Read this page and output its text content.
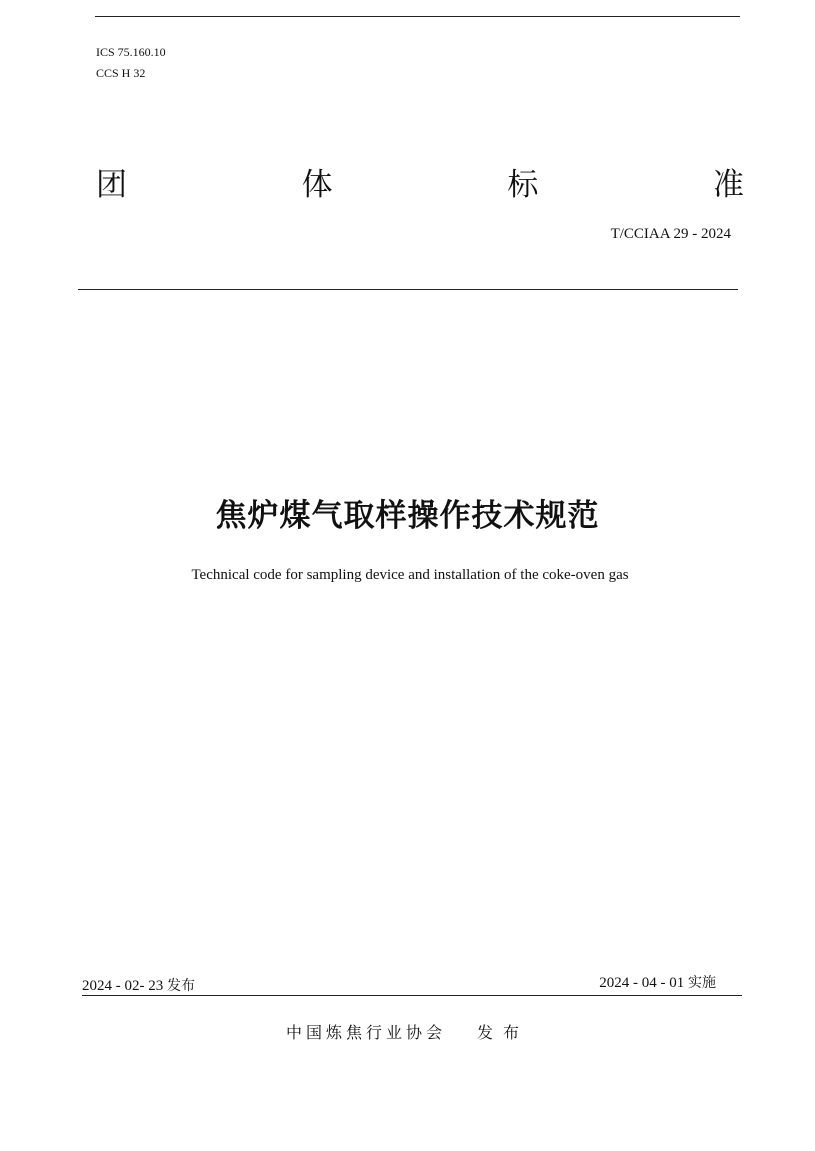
ICS 75.160.10
CCS H 32
团	体	标	准
T/CCIAA 29 - 2024
焦炉煤气取样操作技术规范
Technical code for sampling device and installation of the coke-oven gas
2024 - 02- 23 发布	2024 - 04 - 01 实施
中国炼焦行业协会 发布
